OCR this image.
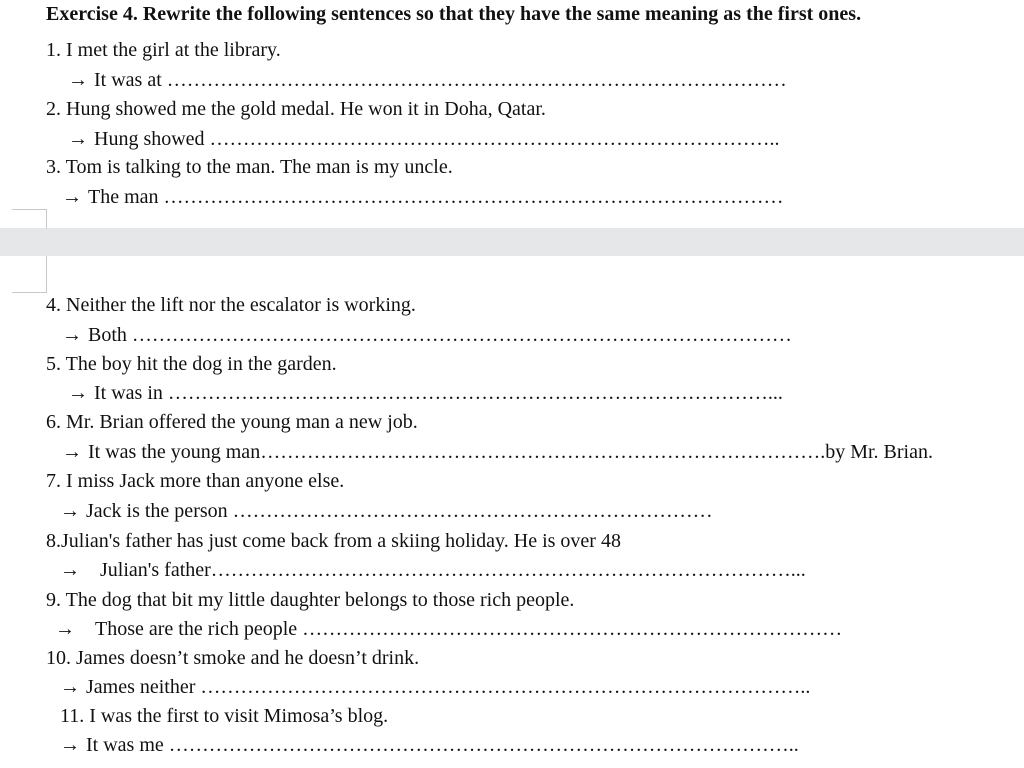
Exercise 4. Rewrite the following sentences so that they have the same meaning as the first ones.
1. I met the girl at the library.
→ It was at …………………………………………………………………………………
2. Hung showed me the gold medal. He won it in Doha, Qatar.
→ Hung showed …………………………………………………………………………..
3. Tom is talking to the man. The man is my uncle.
→ The man …………………………………………………………………………………
4. Neither the lift nor the escalator is working.
→ Both ………………………………………………………………………………………
5. The boy hit the dog in the garden.
→ It was in ………………………………………………………………………………...
6. Mr. Brian offered the young man a new job.
→ It was the young man………………………………………………………………………….by Mr. Brian.
7. I miss Jack more than anyone else.
→ Jack is the person ………………………………………………………………
8.Julian's father has just come back from a skiing holiday. He is over 48
→ Julian's father……………………………………………………………………………...
9. The dog that bit my little daughter belongs to those rich people.
→ Those are the rich people ………………………………………………………………………
10. James doesn’t smoke and he doesn’t drink.
→ James neither ………………………………………………………………………………..
11. I was the first to visit Mimosa’s blog.
→ It was me …………………………………………………………………………………..
